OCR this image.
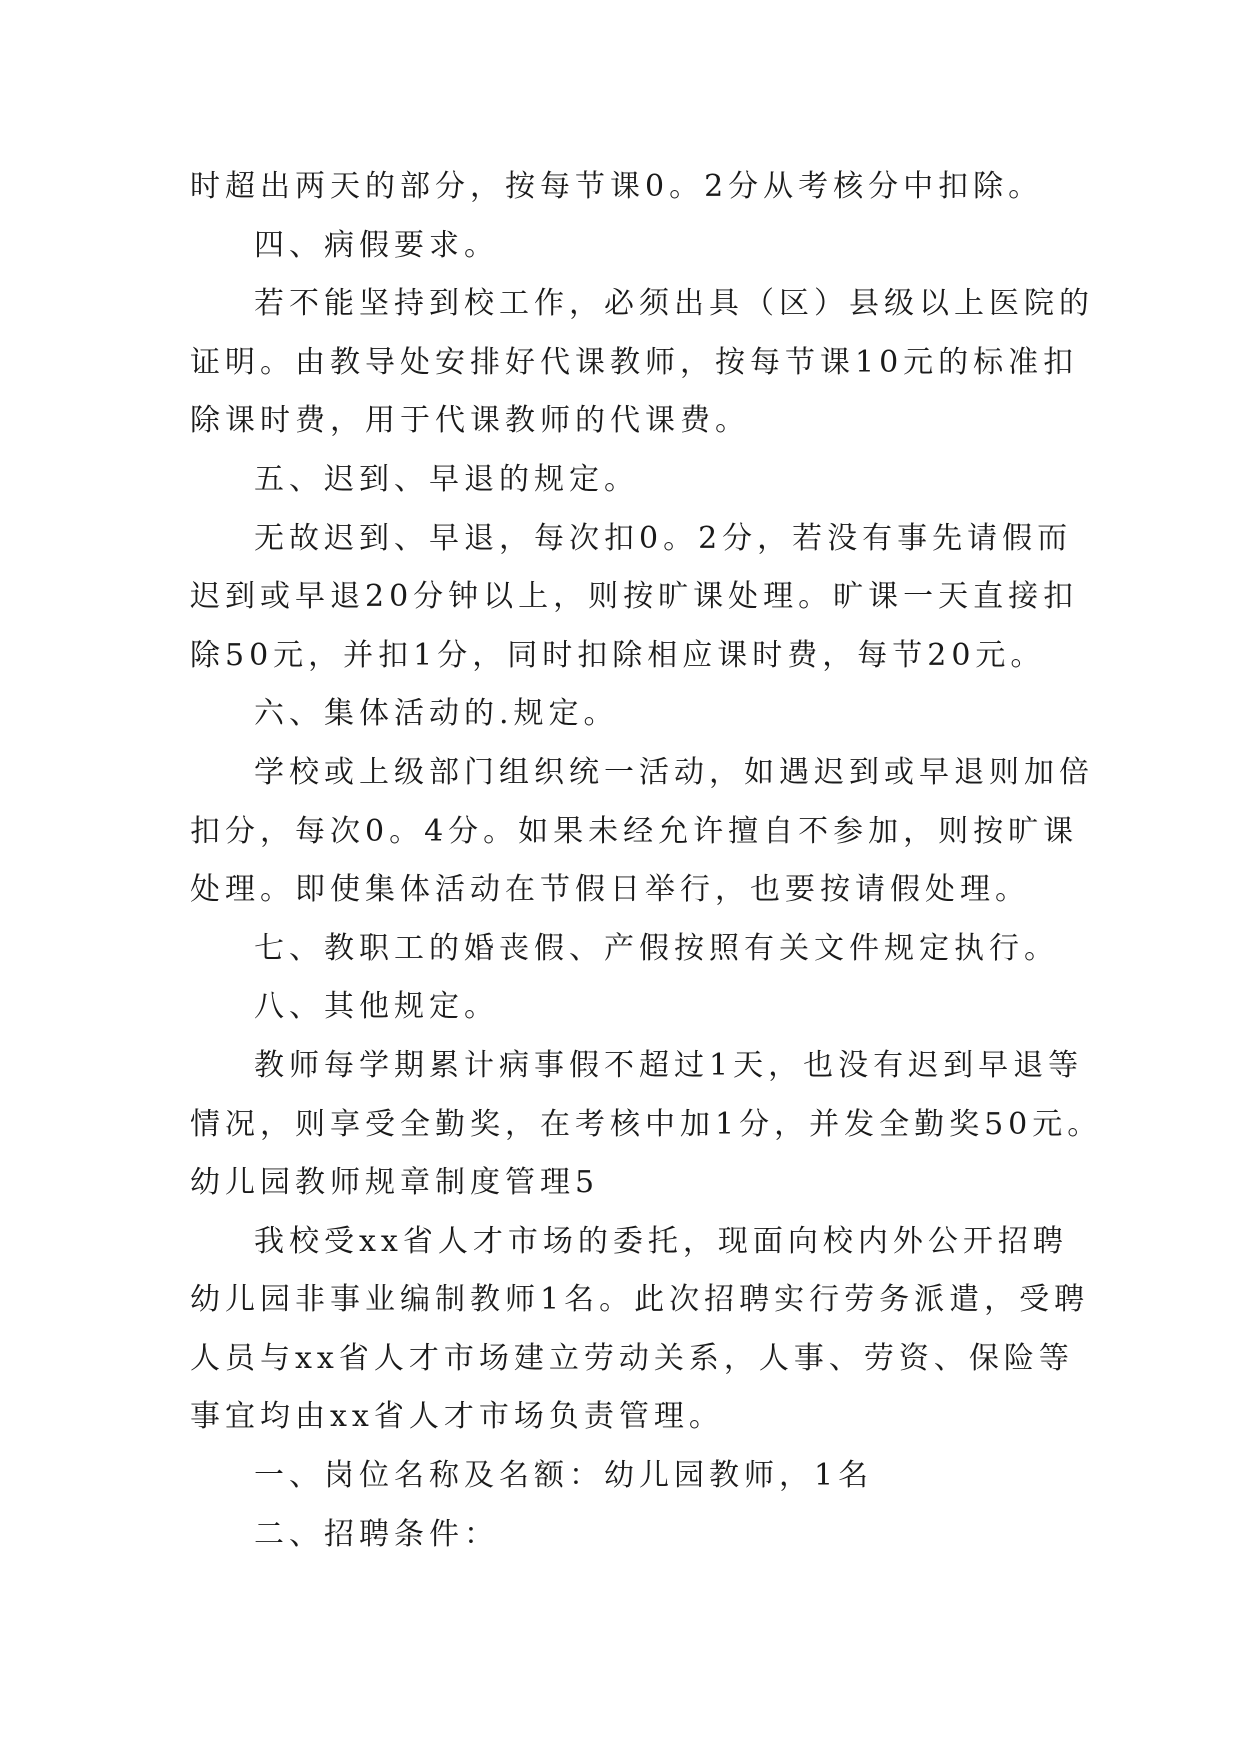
时超出两天的部分，按每节课0。2分从考核分中扣除。
四、病假要求。
若不能坚持到校工作，必须出具（区）县级以上医院的
证明。由教导处安排好代课教师，按每节课10元的标准扣
除课时费，用于代课教师的代课费。
五、迟到、早退的规定。
无故迟到、早退，每次扣0。2分，若没有事先请假而
迟到或早退20分钟以上，则按旷课处理。旷课一天直接扣
除50元，并扣1分，同时扣除相应课时费，每节20元。
六、集体活动的.规定。
学校或上级部门组织统一活动，如遇迟到或早退则加倍
扣分，每次0。4分。如果未经允许擅自不参加，则按旷课
处理。即使集体活动在节假日举行，也要按请假处理。
七、教职工的婚丧假、产假按照有关文件规定执行。
八、其他规定。
教师每学期累计病事假不超过1天，也没有迟到早退等
情况，则享受全勤奖，在考核中加1分，并发全勤奖50元。
幼儿园教师规章制度管理5
我校受xx省人才市场的委托，现面向校内外公开招聘
幼儿园非事业编制教师1名。此次招聘实行劳务派遣，受聘
人员与xx省人才市场建立劳动关系，人事、劳资、保险等
事宜均由xx省人才市场负责管理。
一、岗位名称及名额：幼儿园教师，1名
二、招聘条件：
